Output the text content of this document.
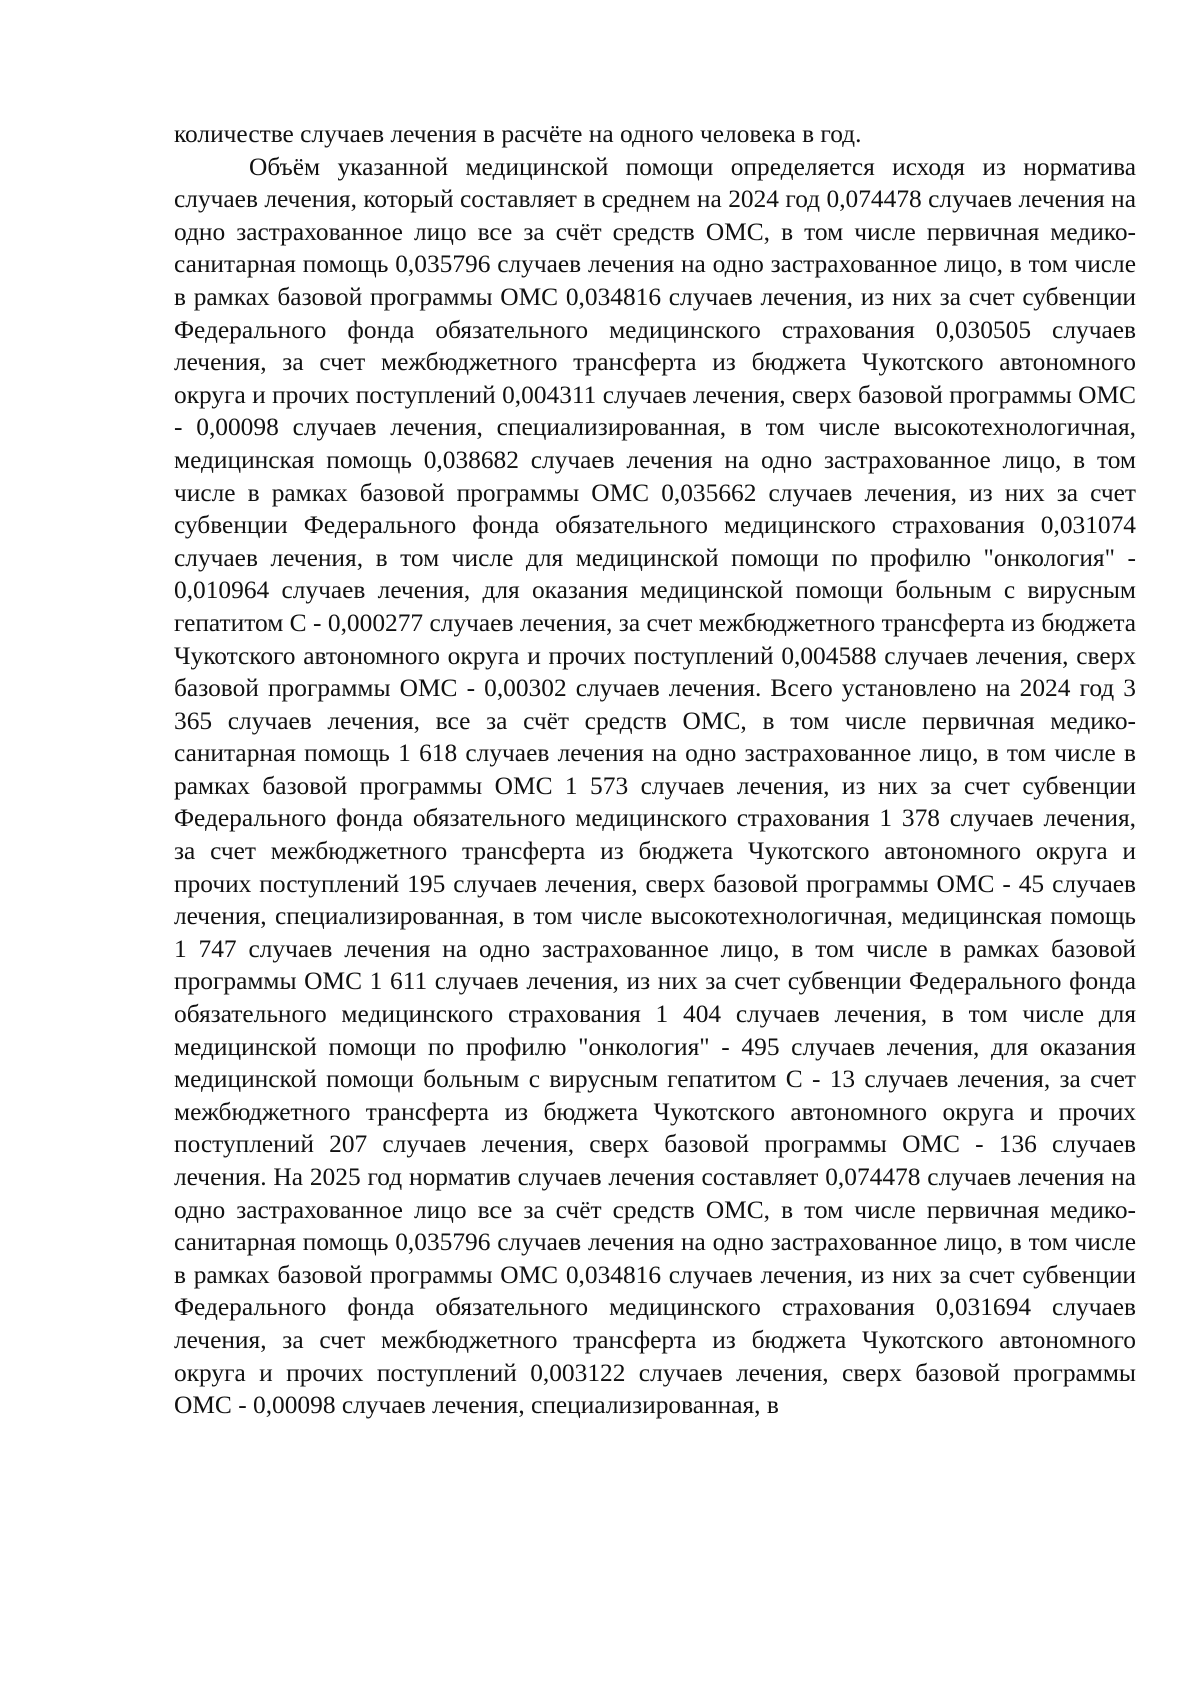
количестве случаев лечения в расчёте на одного человека в год.

Объём указанной медицинской помощи определяется исходя из норматива случаев лечения, который составляет в среднем на 2024 год 0,074478 случаев лечения на одно застрахованное лицо все за счёт средств ОМС, в том числе первичная медико-санитарная помощь 0,035796 случаев лечения на одно застрахованное лицо, в том числе в рамках базовой программы ОМС 0,034816 случаев лечения, из них за счет субвенции Федерального фонда обязательного медицинского страхования 0,030505 случаев лечения, за счет межбюджетного трансферта из бюджета Чукотского автономного округа и прочих поступлений 0,004311 случаев лечения, сверх базовой программы ОМС - 0,00098 случаев лечения, специализированная, в том числе высокотехнологичная, медицинская помощь 0,038682 случаев лечения на одно застрахованное лицо, в том числе в рамках базовой программы ОМС 0,035662 случаев лечения, из них за счет субвенции Федерального фонда обязательного медицинского страхования 0,031074 случаев лечения, в том числе для медицинской помощи по профилю "онкология" - 0,010964 случаев лечения, для оказания медицинской помощи больным с вирусным гепатитом С - 0,000277 случаев лечения, за счет межбюджетного трансферта из бюджета Чукотского автономного округа и прочих поступлений 0,004588 случаев лечения, сверх базовой программы ОМС - 0,00302 случаев лечения. Всего установлено на 2024 год 3 365 случаев лечения, все за счёт средств ОМС, в том числе первичная медико-санитарная помощь 1 618 случаев лечения на одно застрахованное лицо, в том числе в рамках базовой программы ОМС 1 573 случаев лечения, из них за счет субвенции Федерального фонда обязательного медицинского страхования 1 378 случаев лечения, за счет межбюджетного трансферта из бюджета Чукотского автономного округа и прочих поступлений 195 случаев лечения, сверх базовой программы ОМС - 45 случаев лечения, специализированная, в том числе высокотехнологичная, медицинская помощь 1 747 случаев лечения на одно застрахованное лицо, в том числе в рамках базовой программы ОМС 1 611 случаев лечения, из них за счет субвенции Федерального фонда обязательного медицинского страхования 1 404 случаев лечения, в том числе для медицинской помощи по профилю "онкология" - 495 случаев лечения, для оказания медицинской помощи больным с вирусным гепатитом С - 13 случаев лечения, за счет межбюджетного трансферта из бюджета Чукотского автономного округа и прочих поступлений 207 случаев лечения, сверх базовой программы ОМС - 136 случаев лечения. На 2025 год норматив случаев лечения составляет 0,074478 случаев лечения на одно застрахованное лицо все за счёт средств ОМС, в том числе первичная медико-санитарная помощь 0,035796 случаев лечения на одно застрахованное лицо, в том числе в рамках базовой программы ОМС 0,034816 случаев лечения, из них за счет субвенции Федерального фонда обязательного медицинского страхования 0,031694 случаев лечения, за счет межбюджетного трансферта из бюджета Чукотского автономного округа и прочих поступлений 0,003122 случаев лечения, сверх базовой программы ОМС - 0,00098 случаев лечения, специализированная, в
